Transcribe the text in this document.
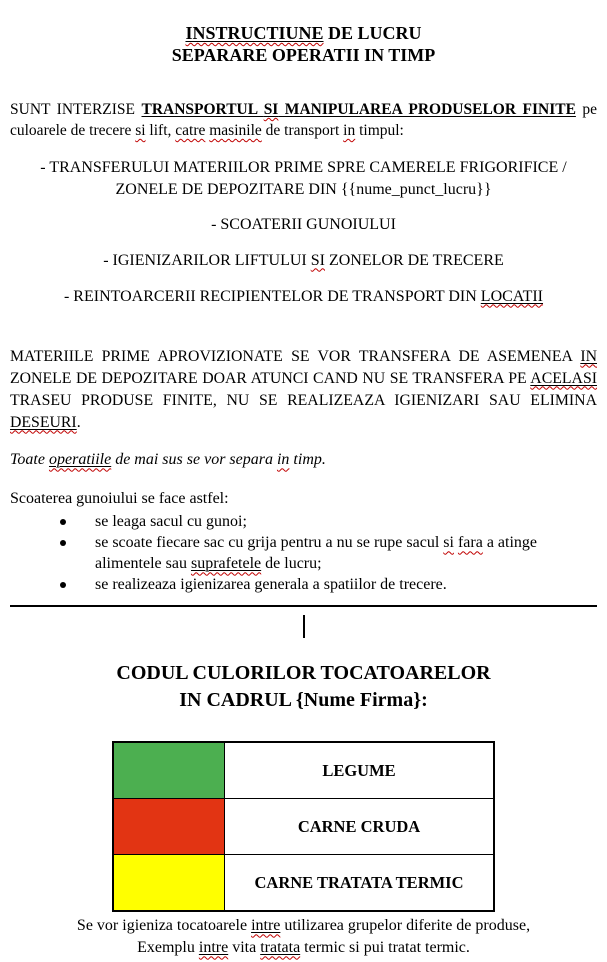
INSTRUCTIUNE DE LUCRU
SEPARARE OPERATII IN TIMP

SUNT INTERZISE TRANSPORTUL SI MANIPULAREA PRODUSELOR FINITE pe culoarele de trecere si lift, catre masinile de transport in timpul:

- TRANSFERULUI MATERIILOR PRIME SPRE CAMERELE FRIGORIFICE /
ZONELE DE DEPOZITARE DIN {{nume_punct_lucru}}
- SCOATERII GUNOIULUI
- IGIENIZARILOR LIFTULUI SI ZONELOR DE TRECERE
- REINTOARCERII RECIPIENTELOR DE TRANSPORT DIN LOCATII

MATERIILE PRIME APROVIZIONATE SE VOR TRANSFERA DE ASEMENEA IN ZONELE DE DEPOZITARE DOAR ATUNCI CAND NU SE TRANSFERA PE ACELASI TRASEU PRODUSE FINITE, NU SE REALIZEAZA IGIENIZARI SAU ELIMINA DESEURI.

Toate operatiile de mai sus se vor separa in timp.

Scoaterea gunoiului se face astfel:
se leaga sacul cu gunoi;
se scoate fiecare sac cu grija pentru a nu se rupe sacul si fara a atinge alimentele sau suprafetele de lucru;
se realizeaza igienizarea generala a spatiilor de trecere.
CODUL CULORILOR TOCATOARELOR
IN CADRUL {Nume Firma}:
	LEGUME
	CARNE CRUDA
	CARNE TRATATA TERMIC
Se vor igieniza tocatoarele intre utilizarea grupelor diferite de produse,
Exemplu intre vita tratata termic si pui tratat termic.
